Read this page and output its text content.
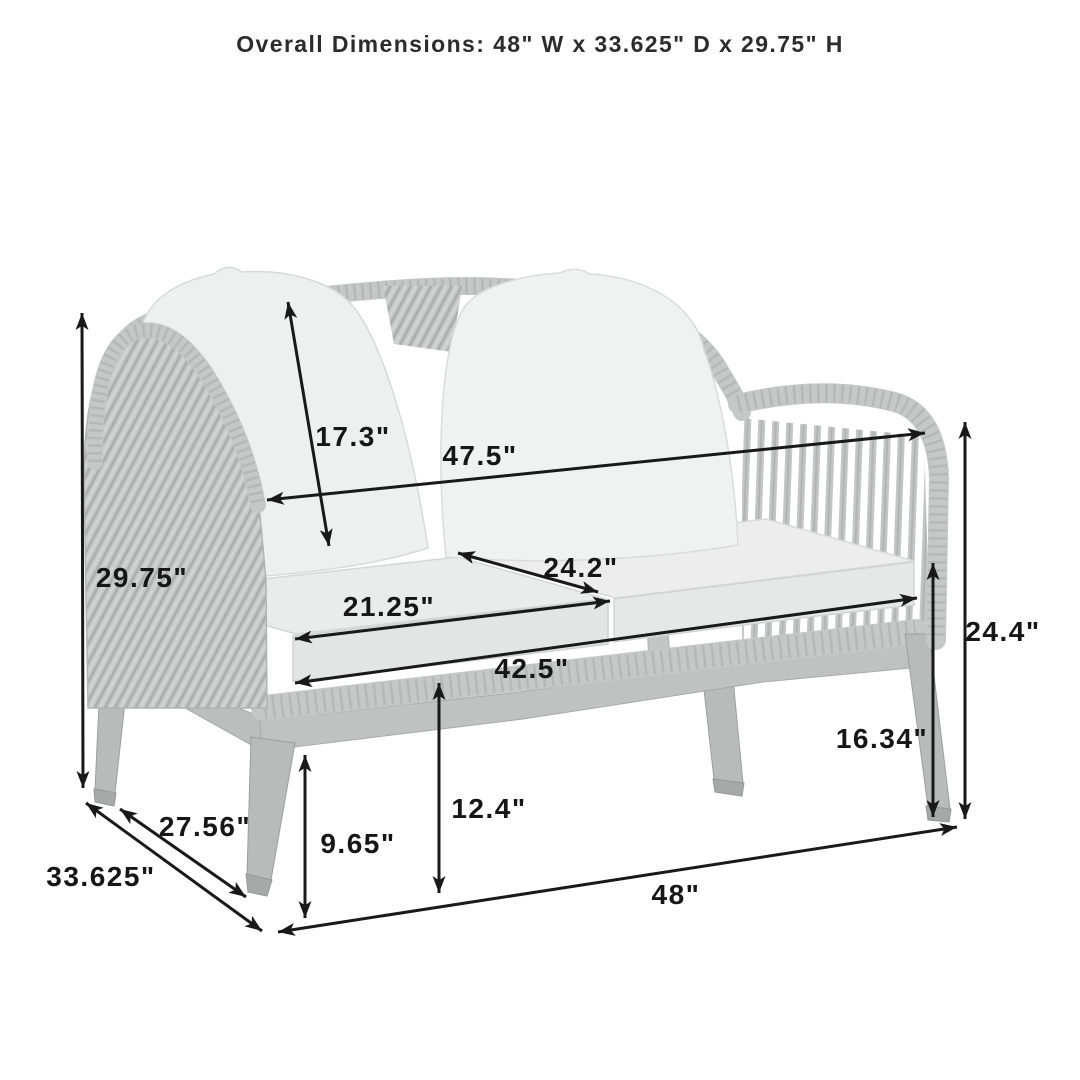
17.3"
47.5"
24.2"
21.25"
42.5"
29.75"
27.56"
33.625"
9.65"
12.4"
16.34"
24.4"
48"
Overall Dimensions: 48" W x 33.625" D x 29.75" H
